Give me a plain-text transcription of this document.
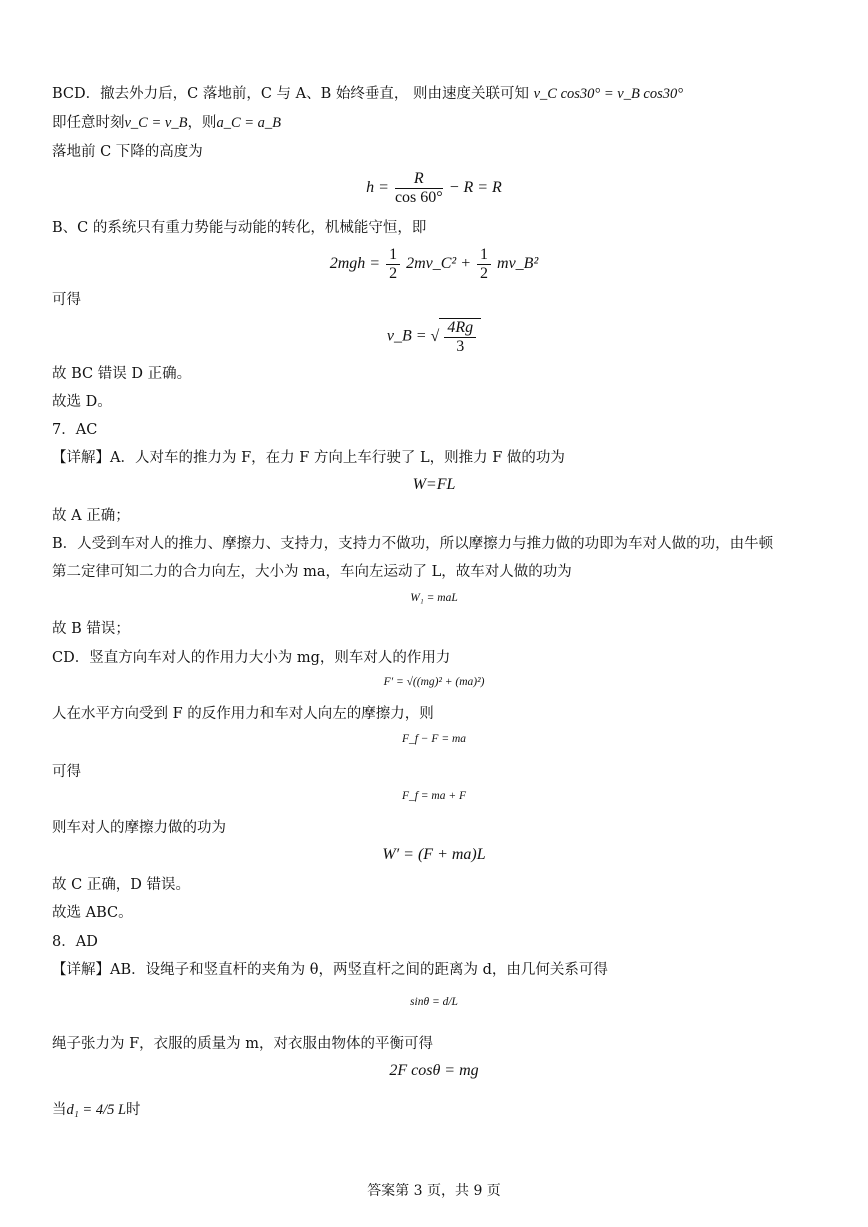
BCD．撤去外力后，C 落地前，C 与 A、B 始终垂直， 则由速度关联可知 v_C cos30° = v_B cos30°
即任意时刻v_C = v_B，则a_C = a_B
落地前 C 下降的高度为
$h = \frac{R}{\cos 60^\circ} - R = R$
B、C 的系统只有重力势能与动能的转化，机械能守恒，即
$2mgh = \frac{1}{2}$ 2mv_C² + $\frac{1}{2}$ mv_B²
可得
v_B = √ $\frac{4Rg}{3}$
故 BC 错误 D 正确。
故选 D。
7．AC
【详解】A．人对车的推力为 F，在力 F 方向上车行驶了 L，则推力 F 做的功为
W=FL
故 A 正确；
B．人受到车对人的推力、摩擦力、支持力，支持力不做功，所以摩擦力与推力做的功即为车对人做的功，由牛顿
第二定律可知二力的合力向左，大小为 ma，车向左运动了 L，故车对人做的功为
W₁ = maL
故 B 错误；
CD．竖直方向车对人的作用力大小为 mg，则车对人的作用力
F′ = √((mg)² + (ma)²)
人在水平方向受到 F 的反作用力和车对人向左的摩擦力，则
F_f − F = ma
可得
F_f = ma + F
则车对人的摩擦力做的功为
W′ = (F + ma)L
故 C 正确，D 错误。
故选 ABC。
8．AD
【详解】AB．设绳子和竖直杆的夹角为 θ，两竖直杆之间的距离为 d，由几何关系可得
sinθ = d/L
绳子张力为 F，衣服的质量为 m，对衣服由物体的平衡可得
2F cosθ = mg
当d₁ = 4/5 L时
答案第 3 页，共 9 页
